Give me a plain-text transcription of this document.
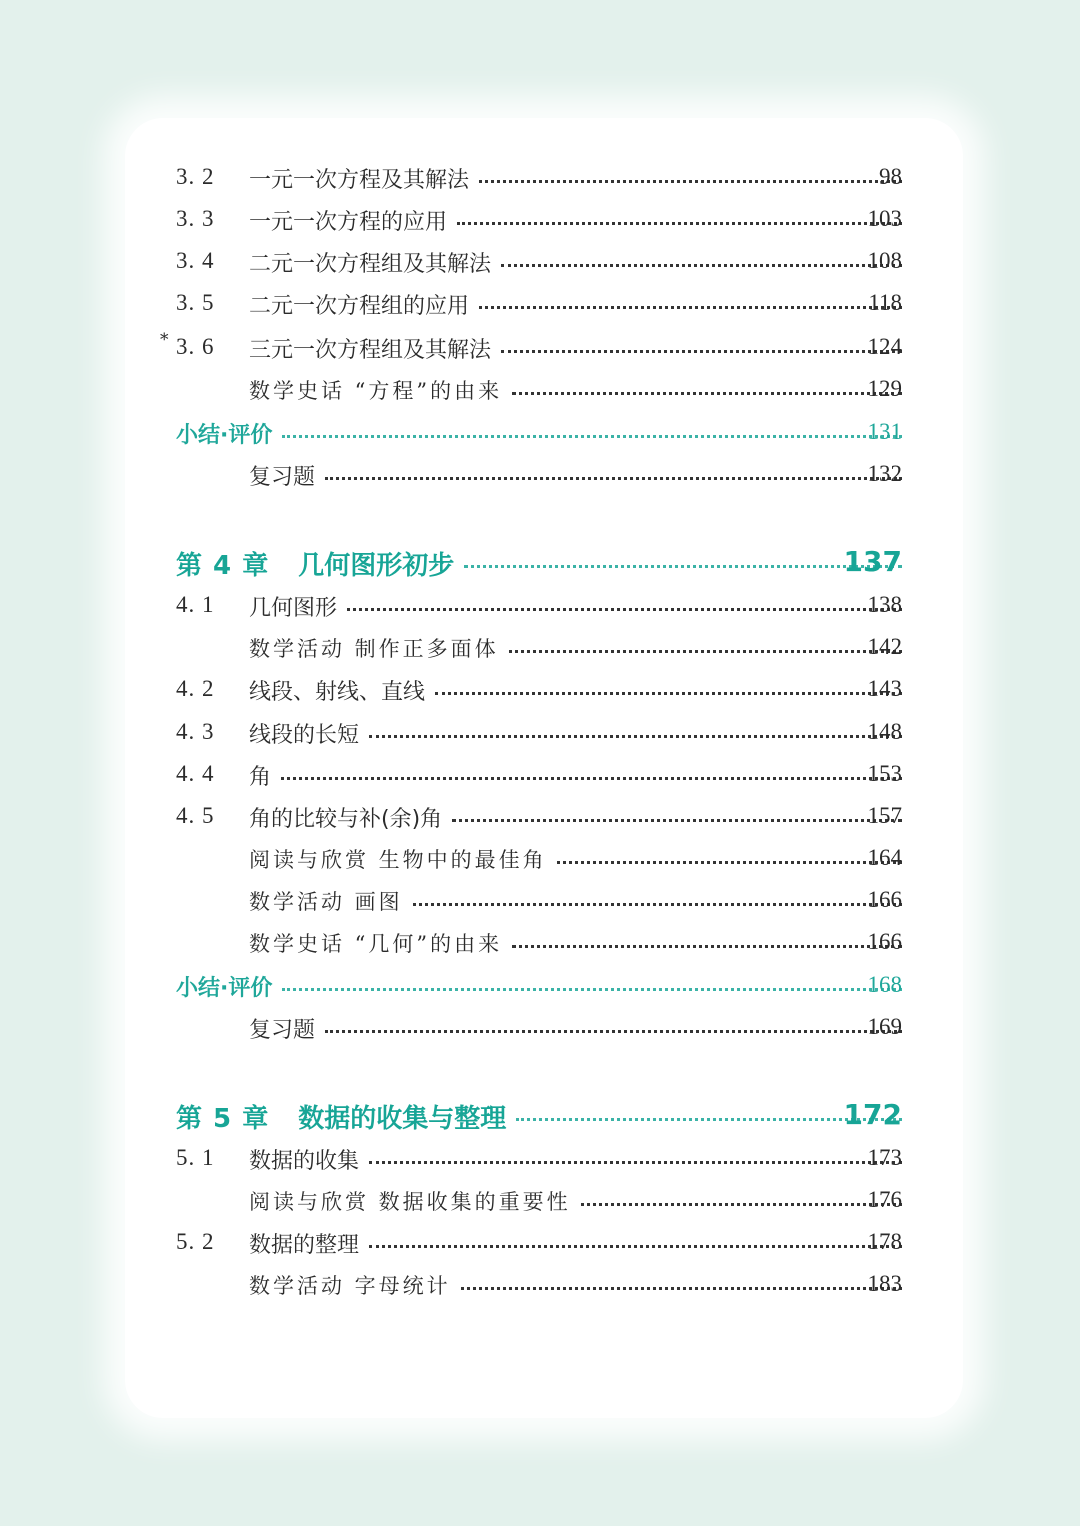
3. 2 一元一次方程及其解法	98
3. 3 一元一次方程的应用	103
3. 4 二元一次方程组及其解法	108
3. 5 二元一次方程组的应用	118
* 3. 6 三元一次方程组及其解法	124
数学史话 “方程”的由来	129
小结·评价	131
复习题	132
第 4 章 几何图形初步	137
4. 1 几何图形	138
数学活动 制作正多面体	142
4. 2 线段、射线、直线	143
4. 3 线段的长短	148
4. 4 角	153
4. 5 角的比较与补(余)角	157
阅读与欣赏 生物中的最佳角	164
数学活动 画图	166
数学史话 “几何”的由来	166
小结·评价	168
复习题	169
第 5 章 数据的收集与整理	172
5. 1 数据的收集	173
阅读与欣赏 数据收集的重要性	176
5. 2 数据的整理	178
数学活动 字母统计	183
